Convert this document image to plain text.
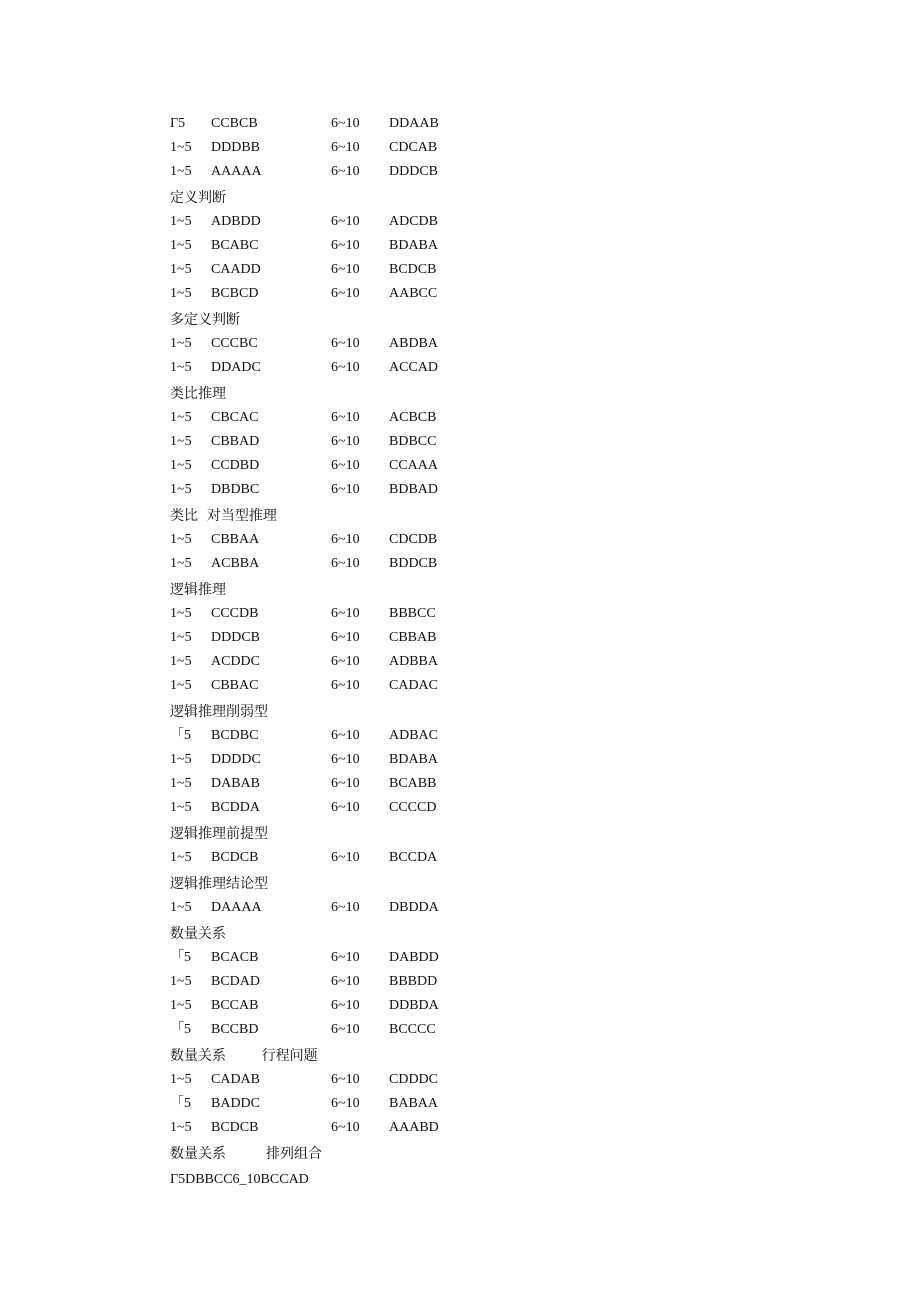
Γ5 CCBCB	6~10 DDAAB
1~5 DDDBB	6~10 CDCAB
1~5 AAAAA	6~10 DDDCB
定义判断
1~5 ADBDD	6~10 ADCDB
1~5 BCABC	6~10 BDABA
1~5 CAADD	6~10 BCDCB
1~5 BCBCD	6~10 AABCC
多定义判断
1~5 CCCBC	6~10 ABDBA
1~5 DDADC	6~10 ACCAD
类比推理
1~5 CBCAC	6~10 ACBCB
1~5 CBBAD	6~10 BDBCC
1~5 CCDBD	6~10 CCAAA
1~5 DBDBC	6~10 BDBAD
类比  对当型推理
1~5 CBBAA	6~10 CDCDB
1~5 ACBBA	6~10 BDDCB
逻辑推理
1~5 CCCDB	6~10 BBBCC
1~5 DDDCB	6~10 CBBAB
1~5 ACDDC	6~10 ADBBA
1~5 CBBAC	6~10 CADAC
逻辑推理削弱型
「5 BCDBC	6~10 ADBAC
1~5 DDDDC	6~10 BDABA
1~5 DABAB	6~10 BCABB
1~5 BCDDA	6~10 CCCCD
逻辑推理前提型
1~5 BCDCB	6~10 BCCDA
逻辑推理结论型
1~5 DAAAA	6~10 DBDDA
数量关系
「5 BCACB	6~10 DABDD
1~5 BCDAD	6~10 BBBDD
1~5 BCCAB	6~10 DDBDA
「5 BCCBD	6~10 BCCCC
数量关系        行程问题
1~5 CADAB	6~10 CDDDC
「5 BADDC	6~10 BABAA
1~5 BCDCB	6~10 AAABD
数量关系         排列组合
Γ5DBBCC6_10BCCAD
